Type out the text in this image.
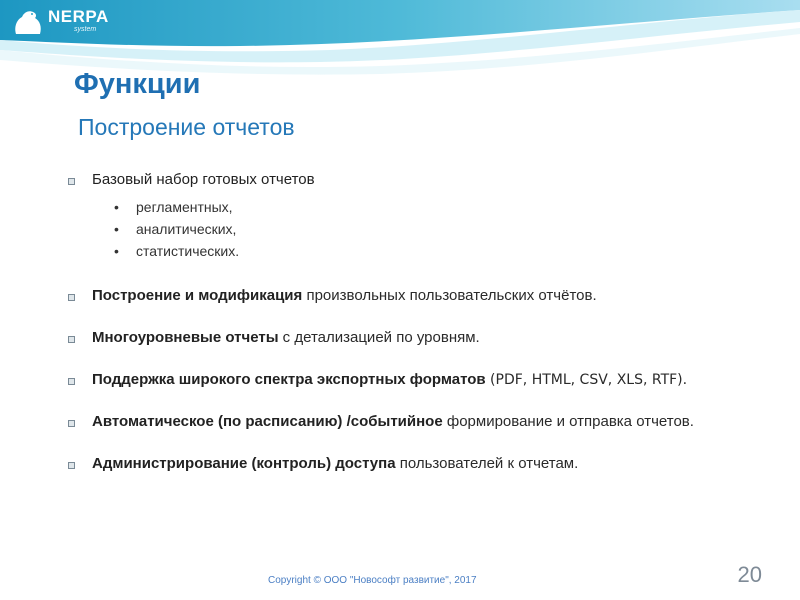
NERPA
system
Функции
Построение отчетов
Базовый набор готовых отчетов
• регламентных,
• аналитических,
• статистических.
Построение и модификация произвольных пользовательских отчётов.
Многоуровневые отчеты с детализацией по уровням.
Поддержка широкого спектра экспортных форматов (PDF, HTML, CSV, XLS, RTF).
Автоматическое (по расписанию) /событийное формирование и отправка отчетов.
Администрирование (контроль) доступа пользователей к отчетам.
Copyright © ООО "Новософт развитие", 2017	20
